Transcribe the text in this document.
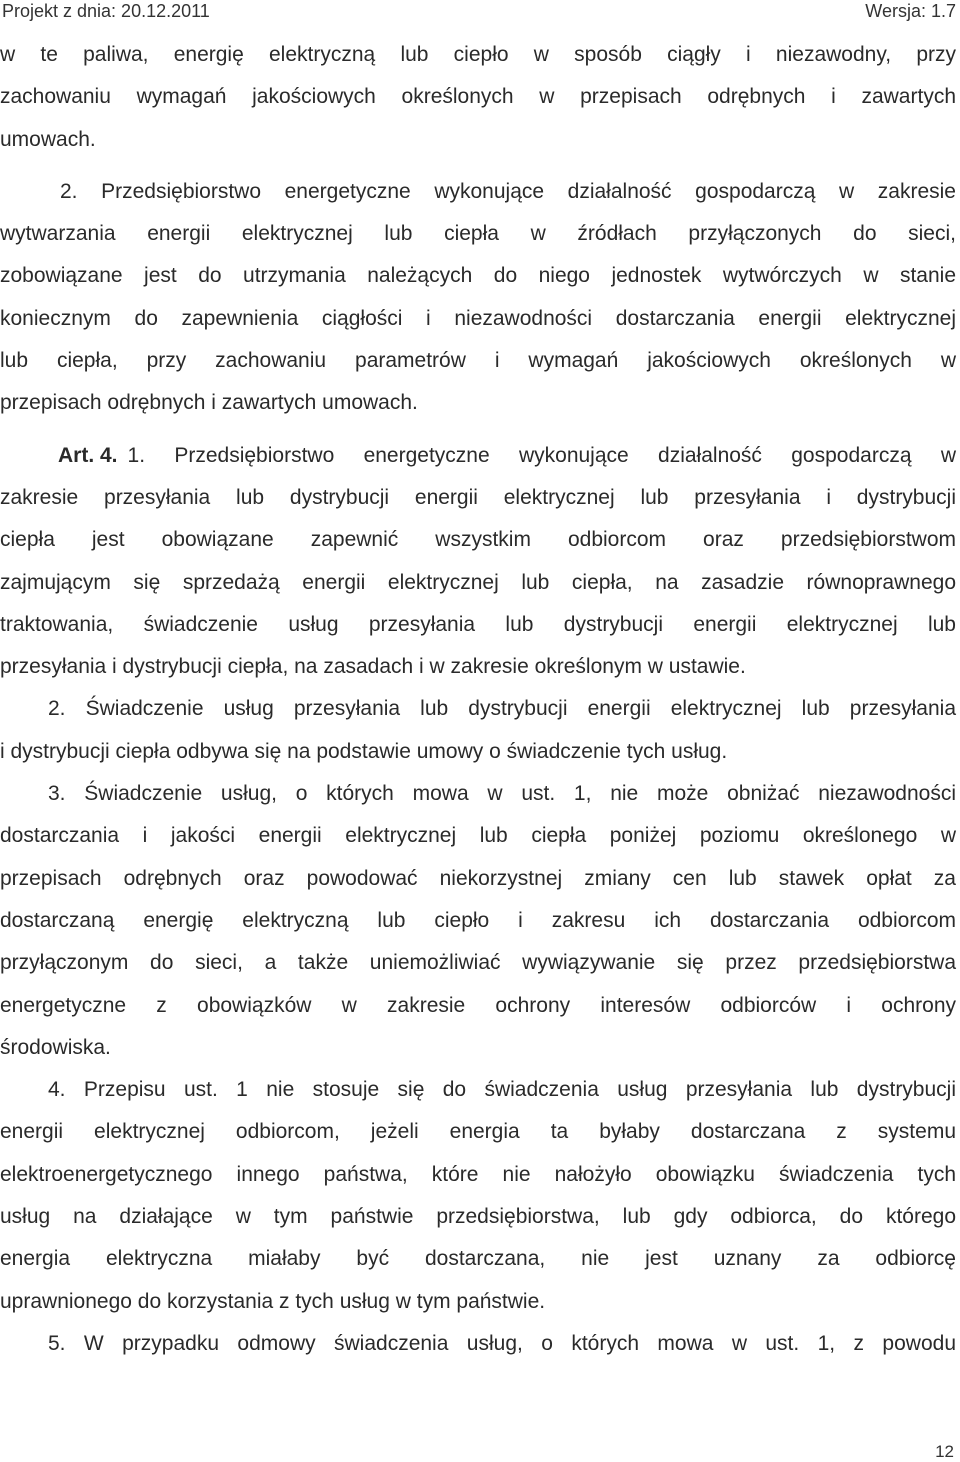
Projekt z dnia: 20.12.2011	Wersja: 1.7
w te paliwa, energię elektryczną lub ciepło w sposób ciągły i niezawodny, przy
zachowaniu wymagań jakościowych określonych w przepisach odrębnych i zawartych
umowach.
2. Przedsiębiorstwo energetyczne wykonujące działalność gospodarczą w zakresie
wytwarzania energii elektrycznej lub ciepła w źródłach przyłączonych do sieci,
zobowiązane jest do utrzymania należących do niego jednostek wytwórczych w stanie
koniecznym do zapewnienia ciągłości i niezawodności dostarczania energii elektrycznej
lub ciepła, przy zachowaniu parametrów i wymagań jakościowych określonych w
przepisach odrębnych i zawartych umowach.
Art. 4. 1. Przedsiębiorstwo energetyczne wykonujące działalność gospodarczą w
zakresie przesyłania lub dystrybucji energii elektrycznej lub przesyłania i dystrybucji
ciepła jest obowiązane zapewnić wszystkim odbiorcom oraz przedsiębiorstwom
zajmującym się sprzedażą energii elektrycznej lub ciepła, na zasadzie równoprawnego
traktowania, świadczenie usług przesyłania lub dystrybucji energii elektrycznej lub
przesyłania i dystrybucji ciepła, na zasadach i w zakresie określonym w ustawie.
2. Świadczenie usług przesyłania lub dystrybucji energii elektrycznej lub przesyłania
i dystrybucji ciepła odbywa się na podstawie umowy o świadczenie tych usług.
3. Świadczenie usług, o których mowa w ust. 1, nie może obniżać niezawodności
dostarczania i jakości energii elektrycznej lub ciepła poniżej poziomu określonego w
przepisach odrębnych oraz powodować niekorzystnej zmiany cen lub stawek opłat za
dostarczaną energię elektryczną lub ciepło i zakresu ich dostarczania odbiorcom
przyłączonym do sieci, a także uniemożliwiać wywiązywanie się przez przedsiębiorstwa
energetyczne z obowiązków w zakresie ochrony interesów odbiorców i ochrony
środowiska.
4. Przepisu ust. 1 nie stosuje się do świadczenia usług przesyłania lub dystrybucji
energii elektrycznej odbiorcom, jeżeli energia ta byłaby dostarczana z systemu
elektroenergetycznego innego państwa, które nie nałożyło obowiązku świadczenia tych
usług na działające w tym państwie przedsiębiorstwa, lub gdy odbiorca, do którego
energia elektryczna miałaby być dostarczana, nie jest uznany za odbiorcę
uprawnionego do korzystania z tych usług w tym państwie.
5. W przypadku odmowy świadczenia usług, o których mowa w ust. 1, z powodu
12
